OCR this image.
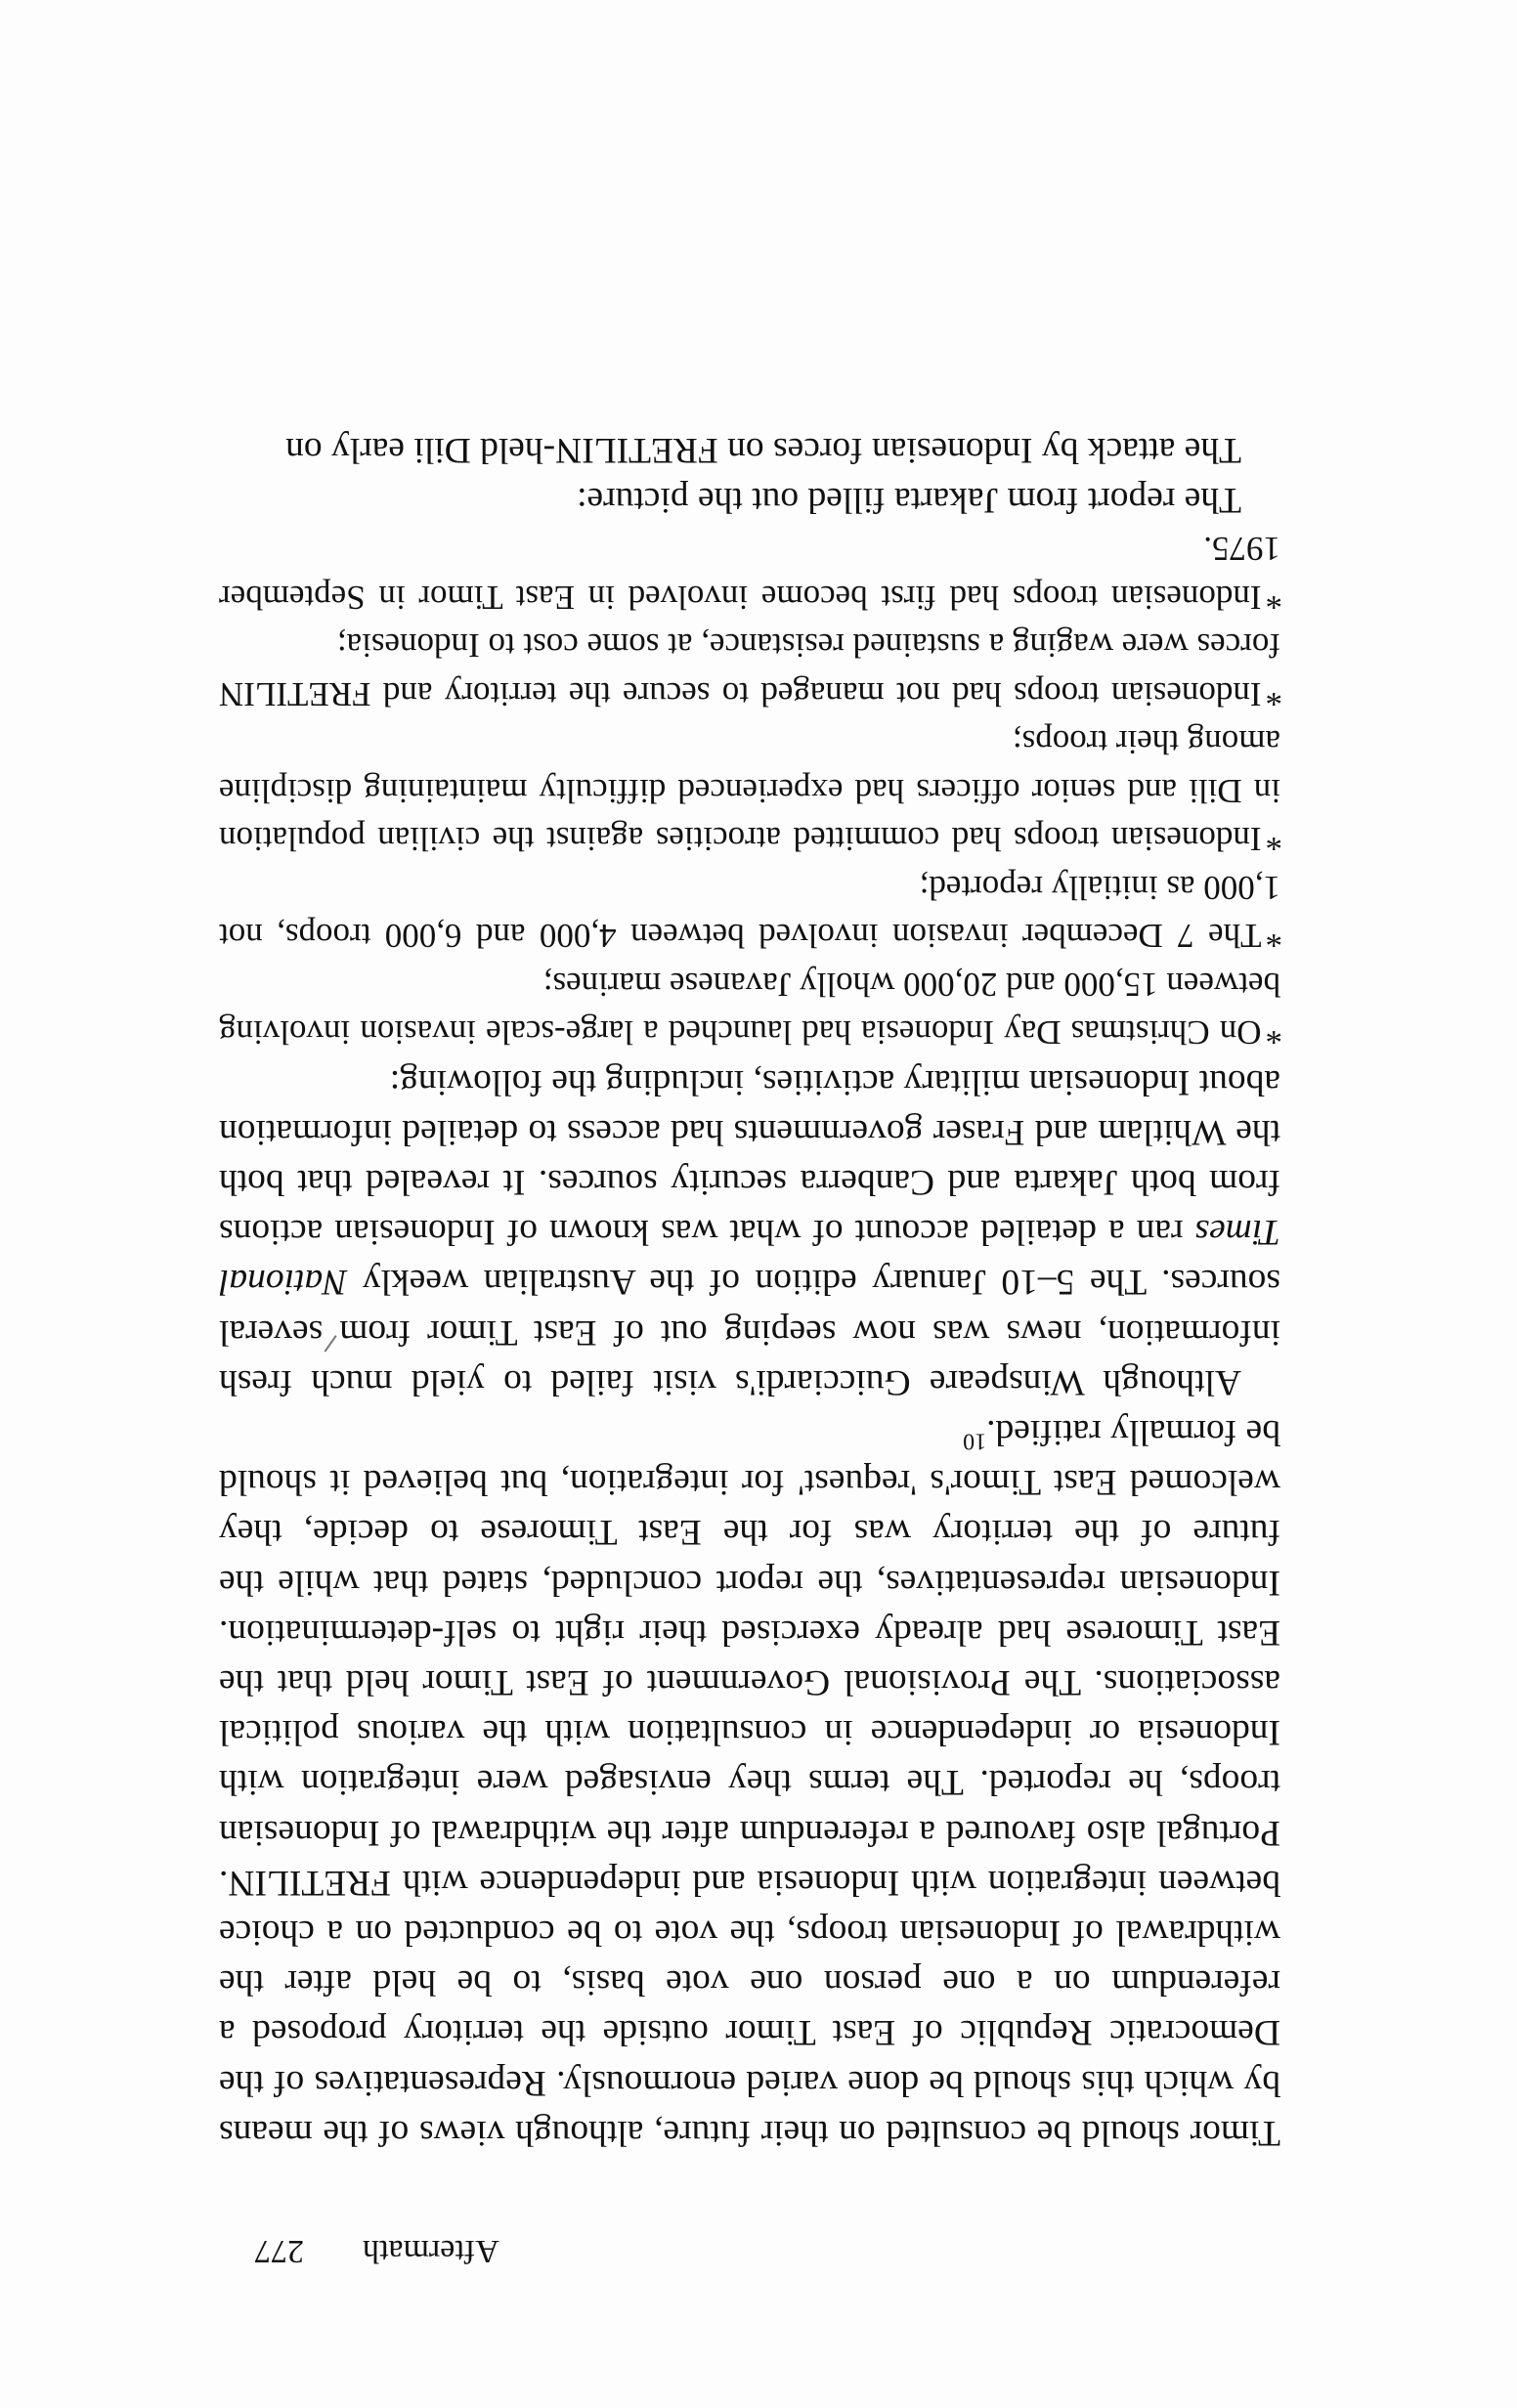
Aftermath
277

Timor should be consulted on their future, although views of the means by which this should be done varied enormously. Representatives of the Democratic Republic of East Timor outside the territory proposed a referendum on a one person one vote basis, to be held after the withdrawal of Indonesian troops, the vote to be conducted on a choice between integration with Indonesia and independence with FRETILIN. Portugal also favoured a referendum after the withdrawal of Indonesian troops, he reported. The terms they envisaged were integration with Indonesia or independence in consultation with the various political associations. The Provisional Government of East Timor held that the East Timorese had already exercised their right to self-determination. Indonesian representatives, the report concluded, stated that while the future of the territory was for the East Timorese to decide, they welcomed East Timor's 'request' for integration, but believed it should be formally ratified.$^{10}$

Although Winspeare Guicciardi's visit failed to yield much fresh information, news was now seeping out of East Timor from several sources. The 5–10 January edition of the Australian weekly National Times ran a detailed account of what was known of Indonesian actions from both Jakarta and Canberra security sources. It revealed that both the Whitlam and Fraser governments had access to detailed information about Indonesian military activities, including the following:

*On Christmas Day Indonesia had launched a large-scale invasion involving between 15,000 and 20,000 wholly Javanese marines;
*The 7 December invasion involved between 4,000 and 6,000 troops, not 1,000 as initially reported;
*Indonesian troops had committed atrocities against the civilian population in Dili and senior officers had experienced difficulty maintaining discipline among their troops;
*Indonesian troops had not managed to secure the territory and FRETILIN forces were waging a sustained resistance, at some cost to Indonesia;
*Indonesian troops had first become involved in East Timor in September 1975.

The report from Jakarta filled out the picture:

The attack by Indonesian forces on FRETILIN-held Dili early on
